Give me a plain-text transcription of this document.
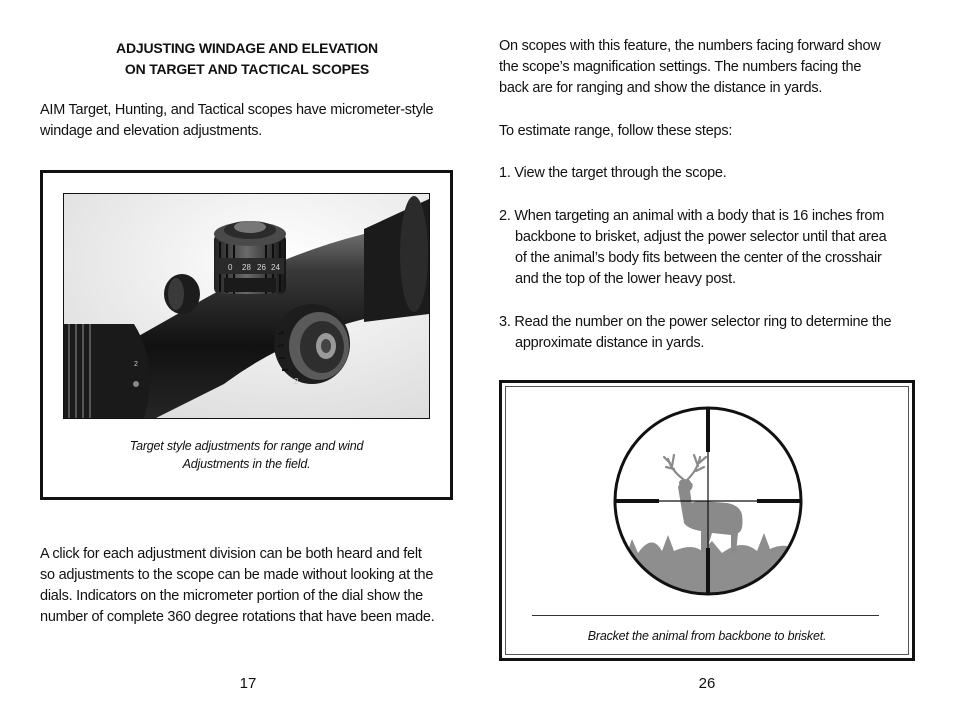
ADJUSTING WINDAGE AND ELEVATION
ON TARGET AND TACTICAL SCOPES
AIM Target, Hunting, and Tactical scopes have micrometer-style
windage and elevation adjustments.
2
0 28 26 24
2
Target style adjustments for range and wind
Adjustments in the field.
A click for each adjustment division can be both heard and felt
so adjustments to the scope can be made without looking at the
dials. Indicators on the micrometer portion of the dial show the
number of complete 360 degree rotations that have been made.
17
On scopes with this feature, the numbers facing forward show
the scope’s magnification settings. The numbers facing the
back are for ranging and show the distance in yards.
To estimate range, follow these steps:
1. View the target through the scope.
2. When targeting an animal with a body that is 16 inches from
backbone to brisket, adjust the power selector until that area
of the animal’s body fits between the center of the crosshair
and the top of the lower heavy post.
3. Read the number on the power selector ring to determine the
approximate distance in yards.
Bracket the animal from backbone to brisket.
26
